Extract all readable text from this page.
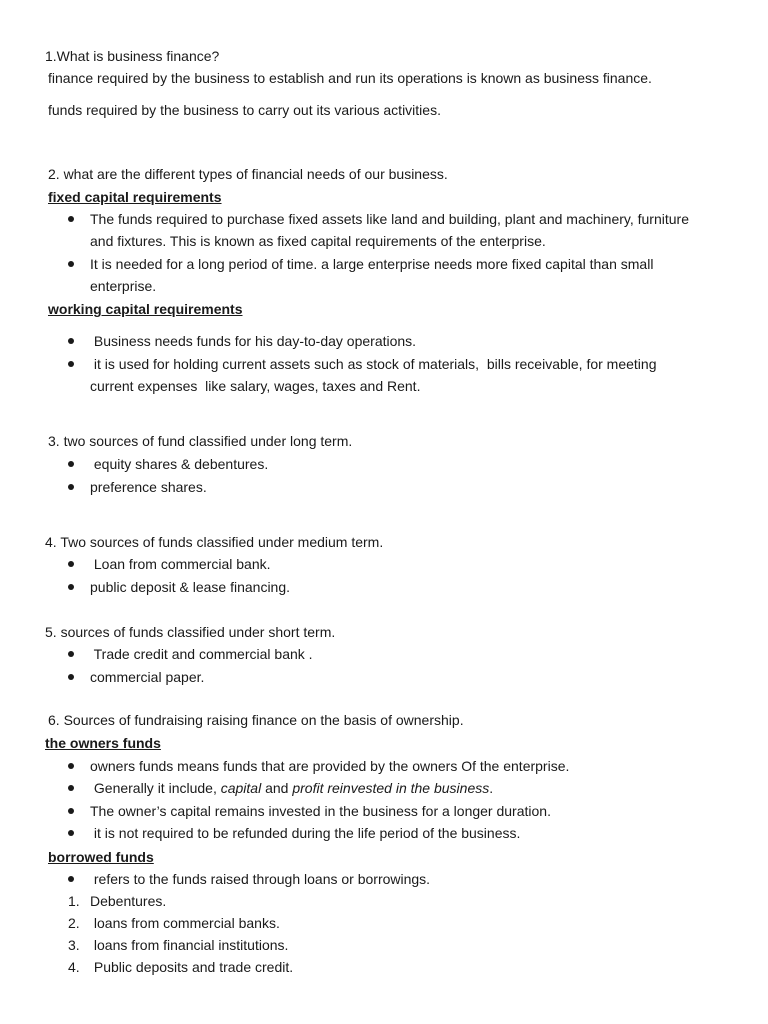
1.What is business finance?
finance required by the business to establish and run its operations is known as business finance.
funds required by the business to carry out its various activities.
2. what are the different types of financial needs of our business.
fixed capital requirements
The funds required to purchase fixed assets like land and building, plant and machinery, furniture
and fixtures. This is known as fixed capital requirements of the enterprise.
It is needed for a long period of time. a large enterprise needs more fixed capital than small
enterprise.
working capital requirements
Business needs funds for his day-to-day operations.
it is used for holding current assets such as stock of materials,  bills receivable, for meeting
current expenses  like salary, wages, taxes and Rent.
3. two sources of fund classified under long term.
equity shares & debentures.
preference shares.
4. Two sources of funds classified under medium term.
Loan from commercial bank.
public deposit & lease financing.
5. sources of funds classified under short term.
Trade credit and commercial bank .
commercial paper.
6. Sources of fundraising raising finance on the basis of ownership.
the owners funds
owners funds means funds that are provided by the owners Of the enterprise.
Generally it include, capital and profit reinvested in the business.
The owner’s capital remains invested in the business for a longer duration.
it is not required to be refunded during the life period of the business.
borrowed funds
refers to the funds raised through loans or borrowings.
1. Debentures.
2. loans from commercial banks.
3. loans from financial institutions.
4. Public deposits and trade credit.
